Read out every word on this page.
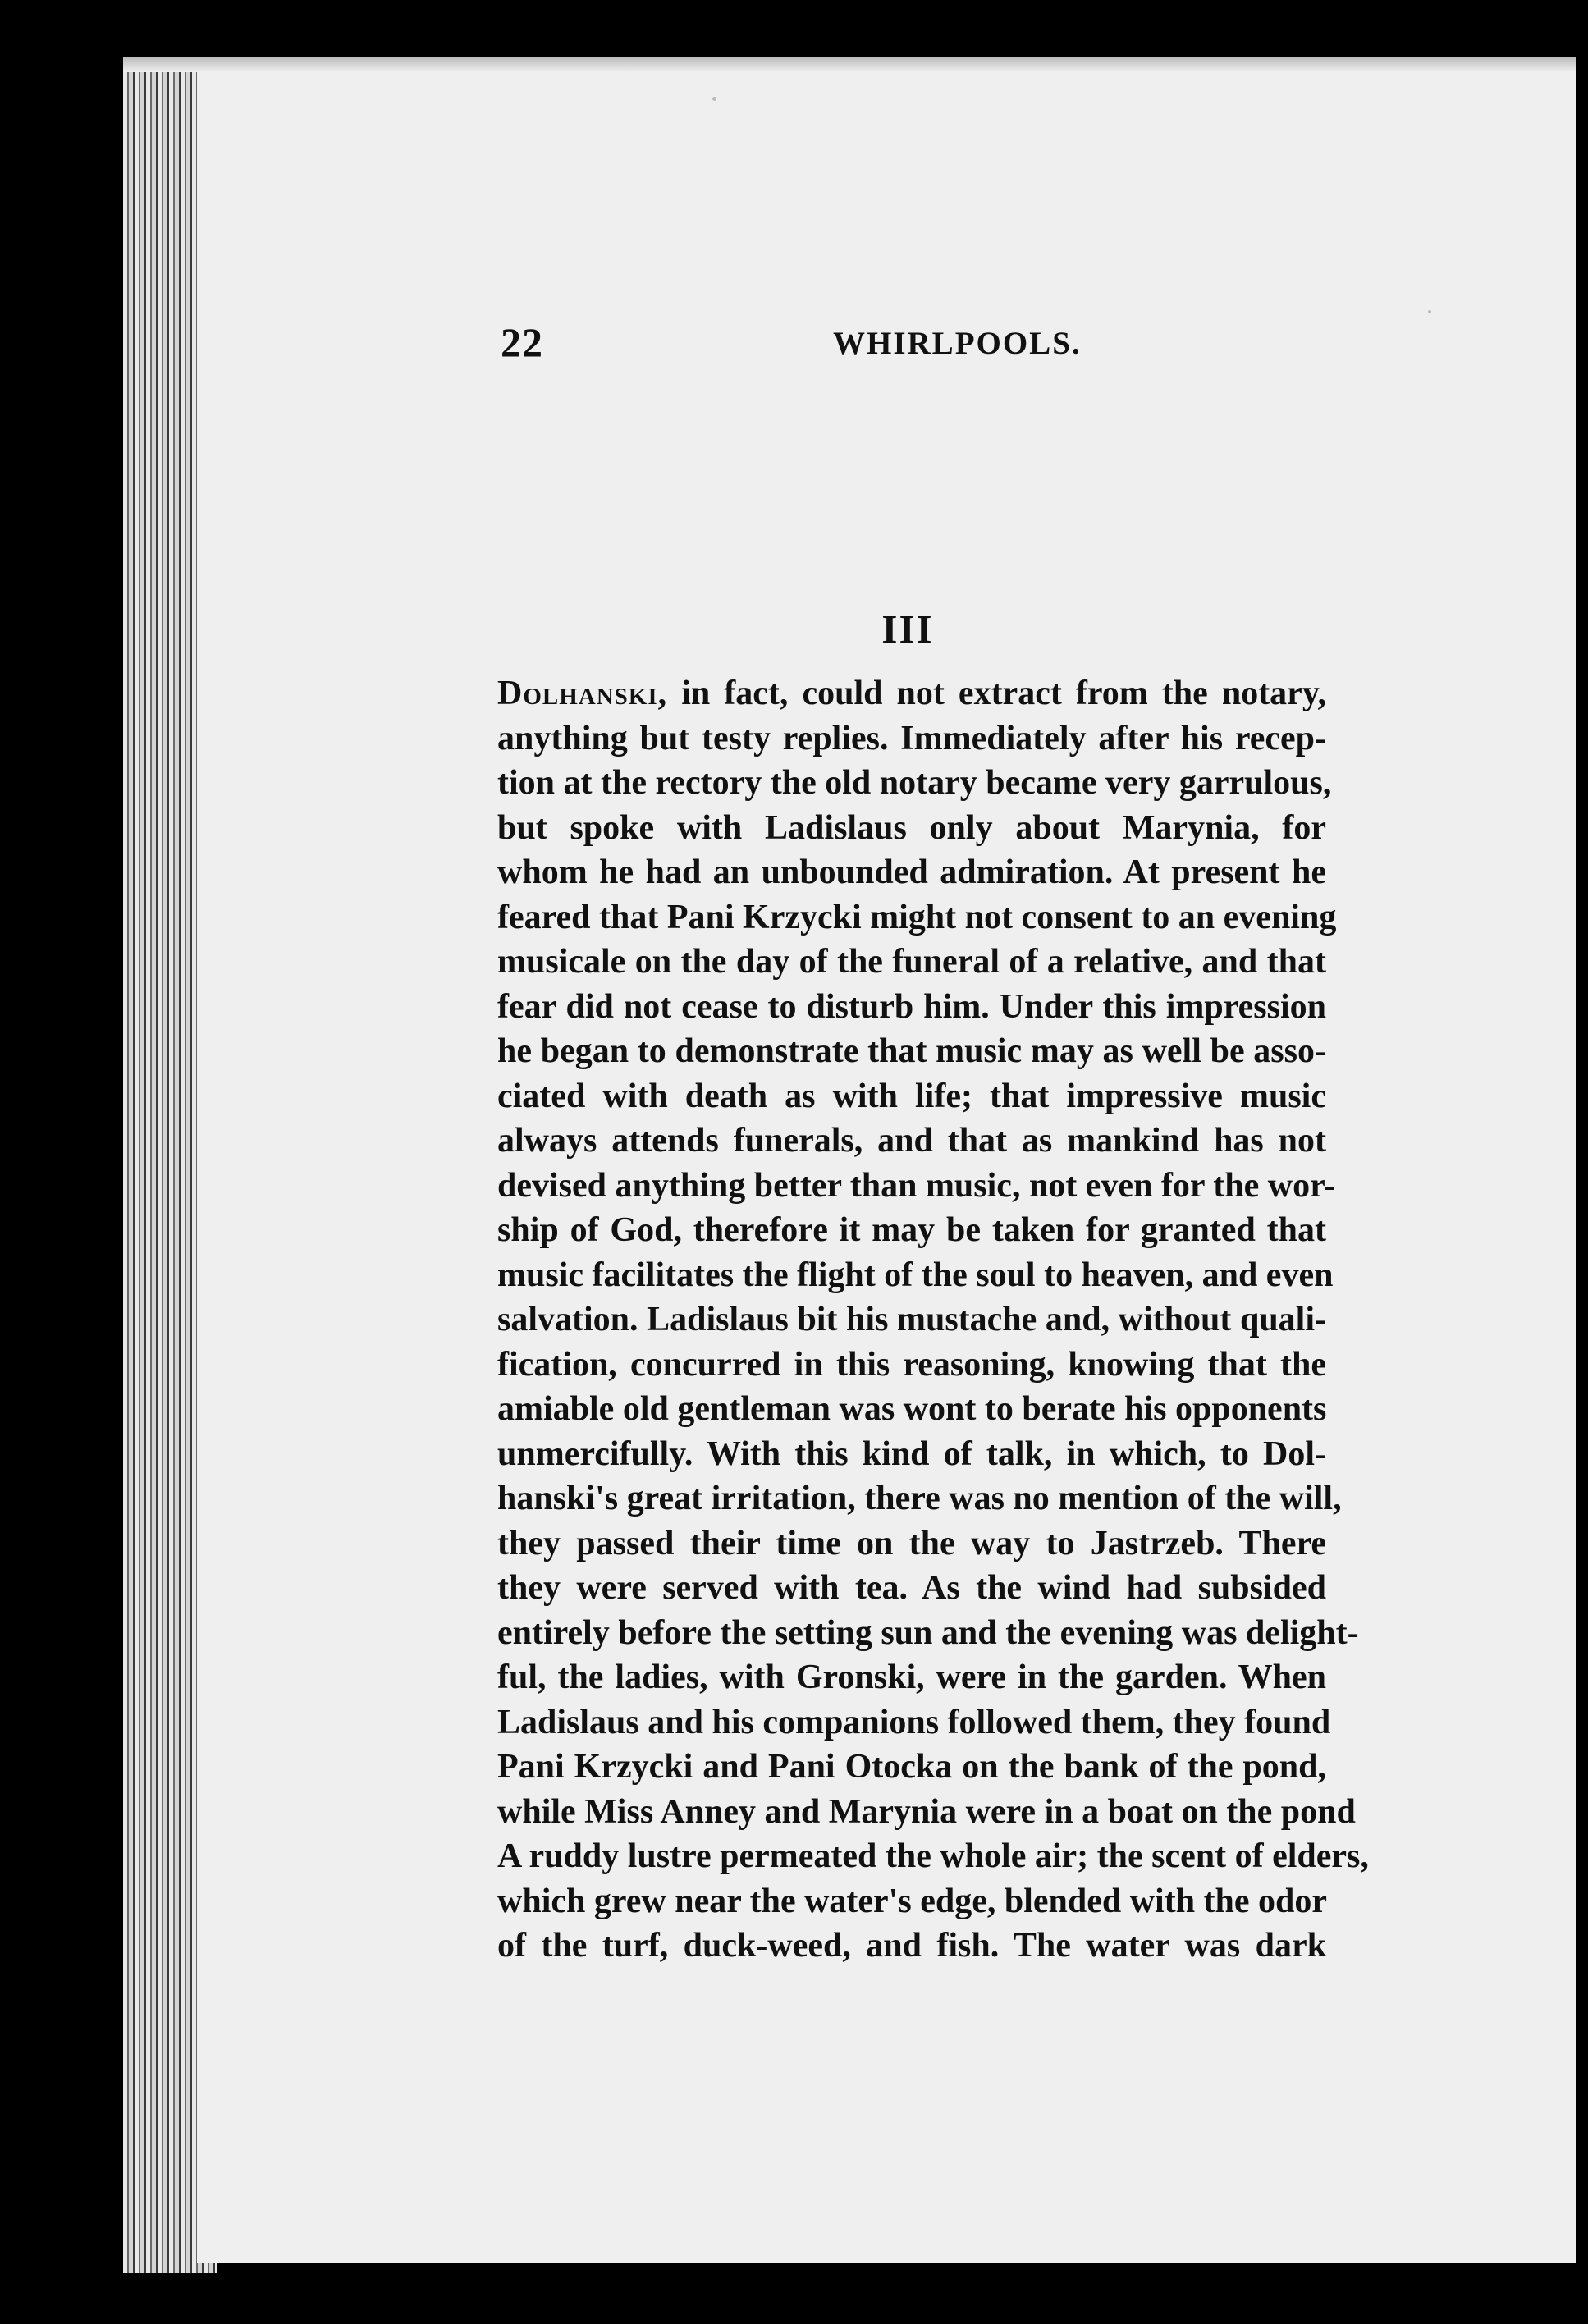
22	WHIRLPOOLS.
III
Dolhanski, in fact, could not extract from the notary,
anything but testy replies. Immediately after his recep-
tion at the rectory the old notary became very garrulous,
but spoke with Ladislaus only about Marynia, for
whom he had an unbounded admiration. At present he
feared that Pani Krzycki might not consent to an evening
musicale on the day of the funeral of a relative, and that
fear did not cease to disturb him. Under this impression
he began to demonstrate that music may as well be asso-
ciated with death as with life; that impressive music
always attends funerals, and that as mankind has not
devised anything better than music, not even for the wor-
ship of God, therefore it may be taken for granted that
music facilitates the flight of the soul to heaven, and even
salvation. Ladislaus bit his mustache and, without quali-
fication, concurred in this reasoning, knowing that the
amiable old gentleman was wont to berate his opponents
unmercifully. With this kind of talk, in which, to Dol-
hanski's great irritation, there was no mention of the will,
they passed their time on the way to Jastrzeb. There
they were served with tea. As the wind had subsided
entirely before the setting sun and the evening was delight-
ful, the ladies, with Gronski, were in the garden. When
Ladislaus and his companions followed them, they found
Pani Krzycki and Pani Otocka on the bank of the pond,
while Miss Anney and Marynia were in a boat on the pond
A ruddy lustre permeated the whole air; the scent of elders,
which grew near the water's edge, blended with the odor
of the turf, duck-weed, and fish. The water was dark
